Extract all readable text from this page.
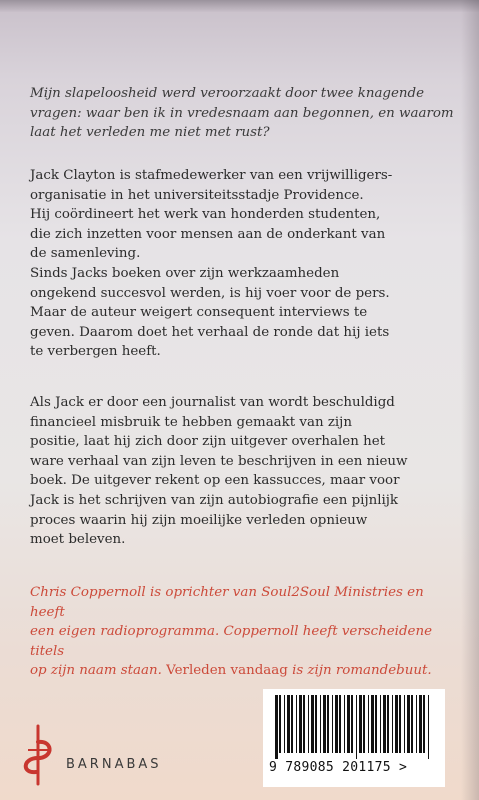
Mijn slapeloosheid werd veroorzaakt door twee knagende

vragen: waar ben ik in vredesnaam aan begonnen, en waarom

laat het verleden me niet met rust?

Jack Clayton is stafmedewerker van een vrijwilligers-

organisatie in het universiteitsstadje Providence.

Hij coördineert het werk van honderden studenten,

die zich inzetten voor mensen aan de onderkant van

de samenleving.

Sinds Jacks boeken over zijn werkzaamheden

ongekend succesvol werden, is hij voer voor de pers.

Maar de auteur weigert consequent interviews te

geven. Daarom doet het verhaal de ronde dat hij iets

te verbergen heeft.

Als Jack er door een journalist van wordt beschuldigd

financieel misbruik te hebben gemaakt van zijn

positie, laat hij zich door zijn uitgever overhalen het

ware verhaal van zijn leven te beschrijven in een nieuw

boek. De uitgever rekent op een kassucces, maar voor

Jack is het schrijven van zijn autobiografie een pijnlijk

proces waarin hij zijn moeilijke verleden opnieuw

moet beleven.

Chris Coppernoll is oprichter van Soul2Soul Ministries en heeft

een eigen radioprogramma. Coppernoll heeft verscheidene titels

op zijn naam staan. Verleden vandaag is zijn romandebuut.

BARNABAS	9 789085 201175 >
